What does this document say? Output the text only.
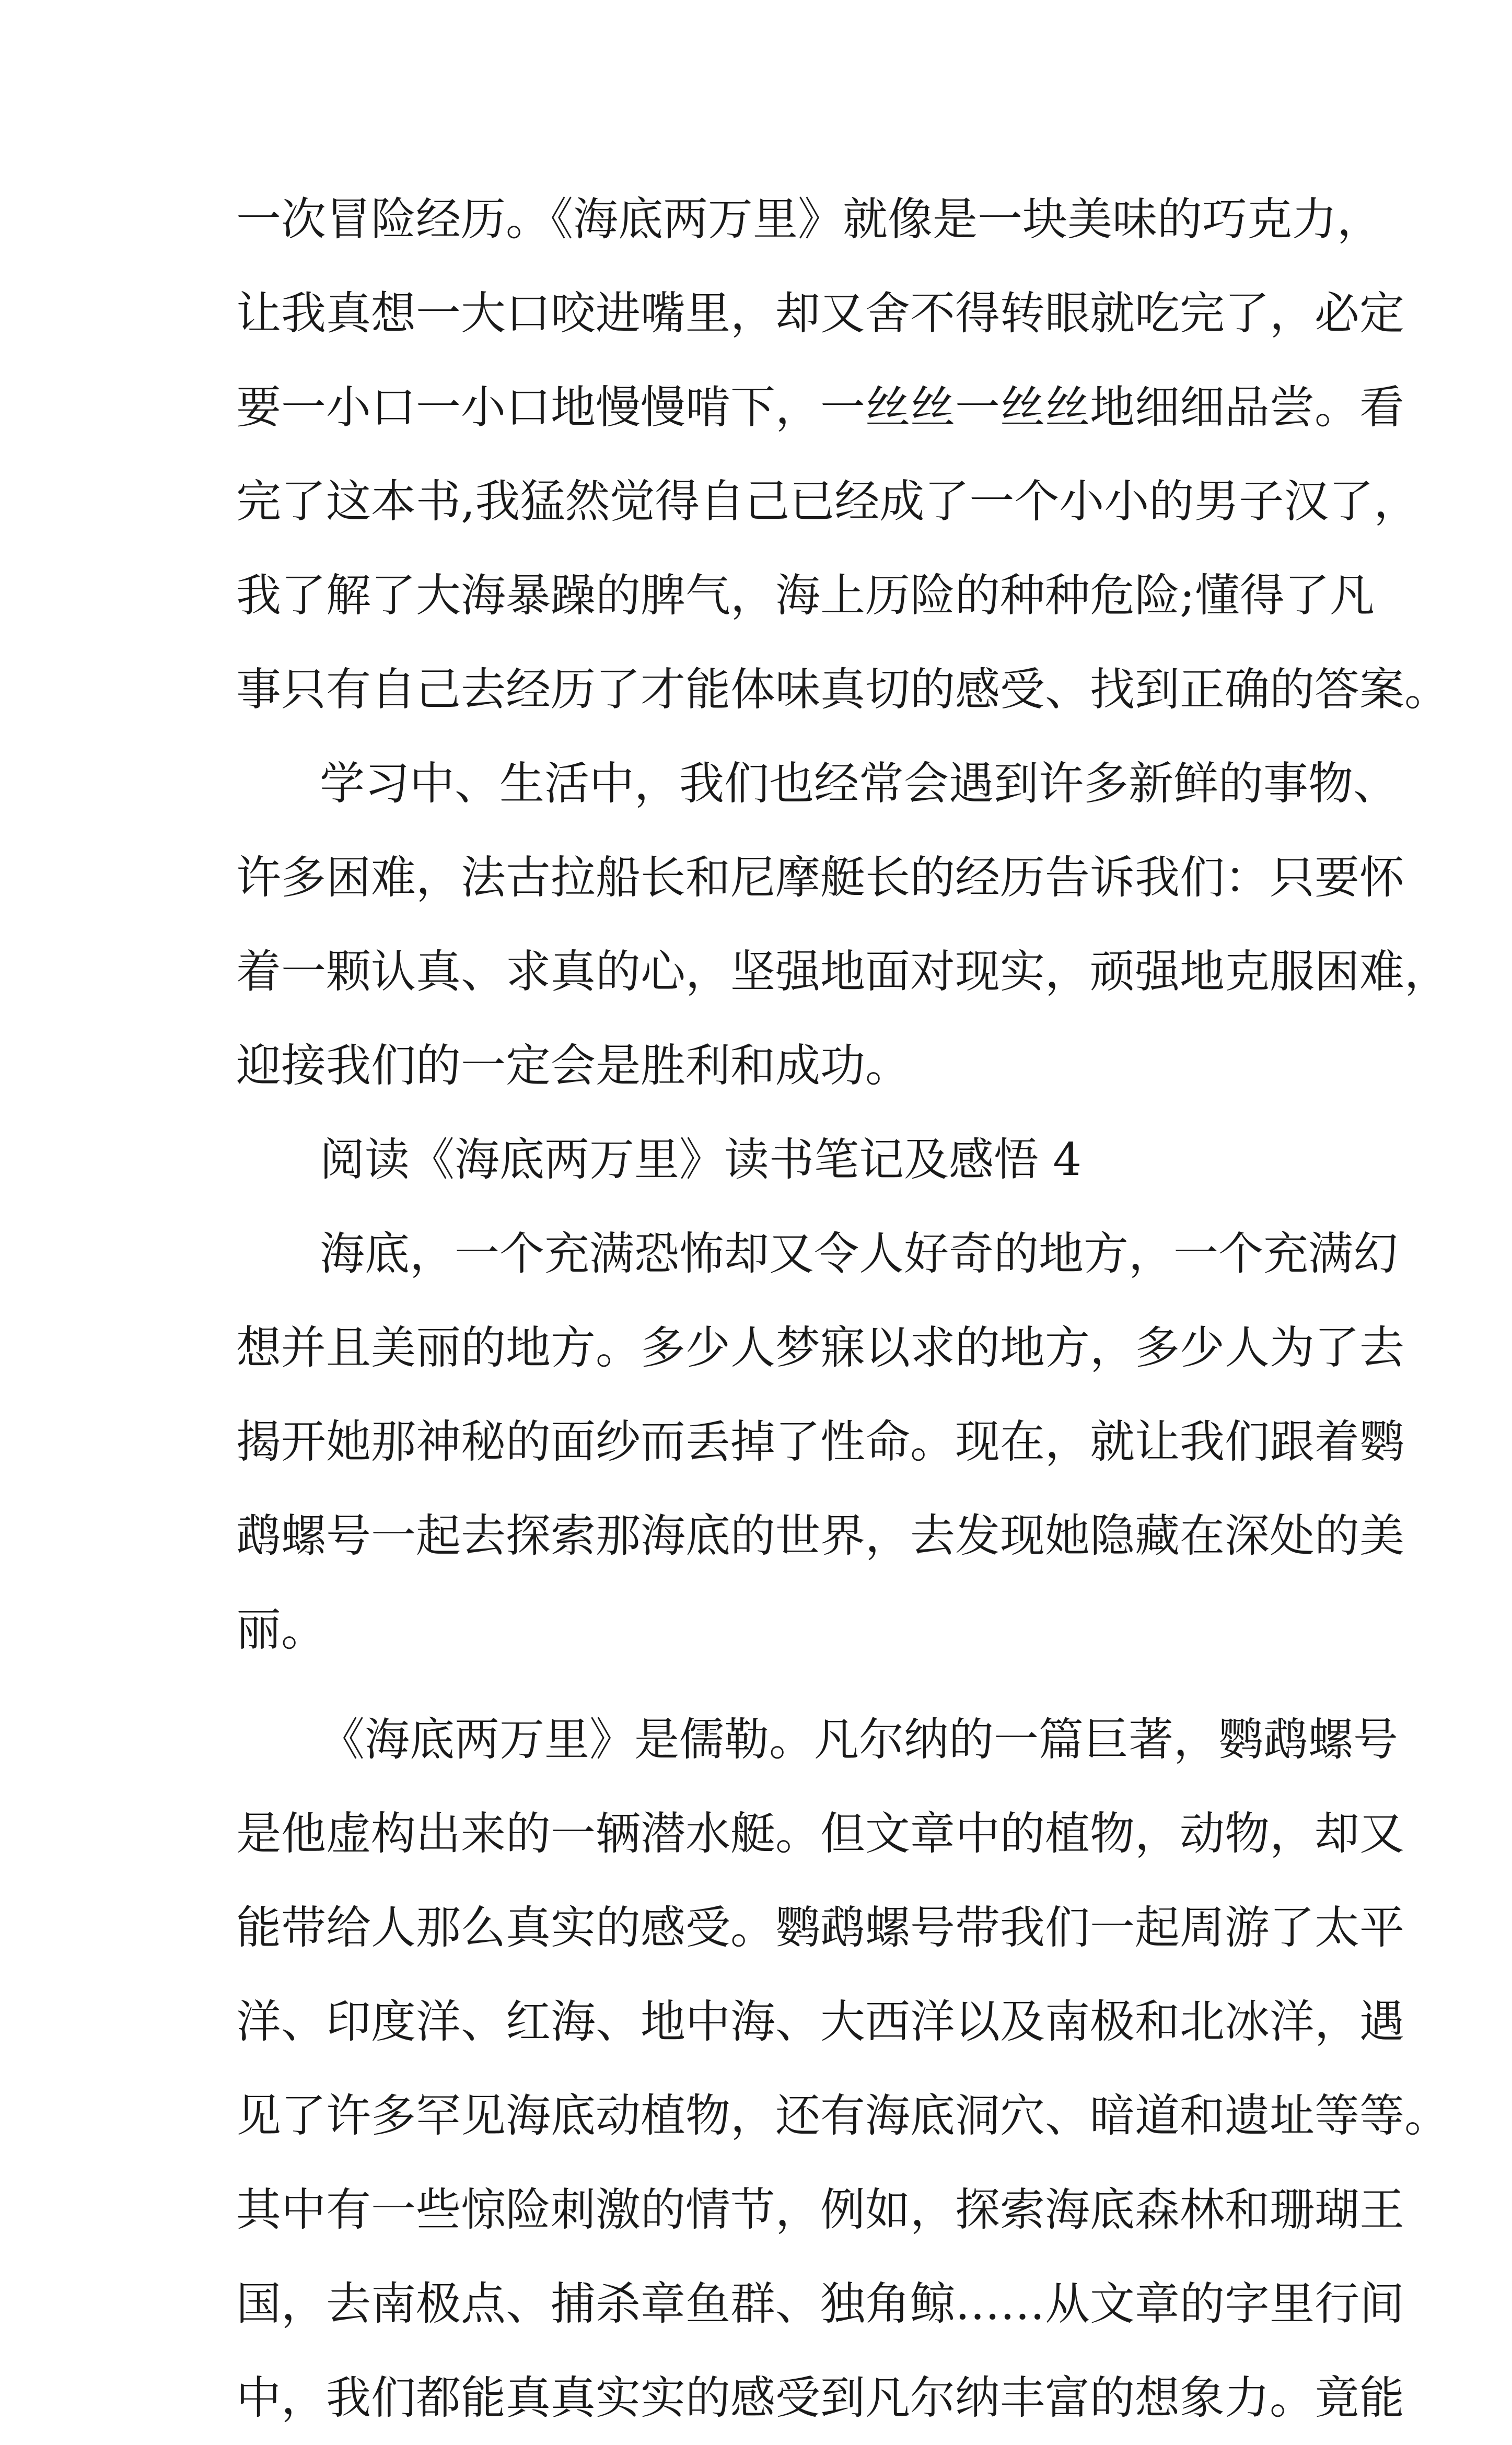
一次冒险经历。《海底两万里》就像是一块美味的巧克力，
让我真想一大口咬进嘴里，却又舍不得转眼就吃完了，必定
要一小口一小口地慢慢啃下，一丝丝一丝丝地细细品尝。看
完了这本书,我猛然觉得自己已经成了一个小小的男子汉了，
我了解了大海暴躁的脾气，海上历险的种种危险;懂得了凡
事只有自己去经历了才能体味真切的感受、找到正确的答案。
学习中、生活中，我们也经常会遇到许多新鲜的事物、
许多困难，法古拉船长和尼摩艇长的经历告诉我们：只要怀
着一颗认真、求真的心，坚强地面对现实，顽强地克服困难，
迎接我们的一定会是胜利和成功。
阅读《海底两万里》读书笔记及感悟 4
海底，一个充满恐怖却又令人好奇的地方，一个充满幻
想并且美丽的地方。多少人梦寐以求的地方，多少人为了去
揭开她那神秘的面纱而丢掉了性命。现在，就让我们跟着鹦
鹉螺号一起去探索那海底的世界，去发现她隐藏在深处的美
丽。
《海底两万里》是儒勒。凡尔纳的一篇巨著，鹦鹉螺号
是他虚构出来的一辆潜水艇。但文章中的植物，动物，却又
能带给人那么真实的感受。鹦鹉螺号带我们一起周游了太平
洋、印度洋、红海、地中海、大西洋以及南极和北冰洋，遇
见了许多罕见海底动植物，还有海底洞穴、暗道和遗址等等。
其中有一些惊险刺激的情节，例如，探索海底森林和珊瑚王
国，去南极点、捕杀章鱼群、独角鲸……从文章的字里行间
中，我们都能真真实实的感受到凡尔纳丰富的想象力。竟能
